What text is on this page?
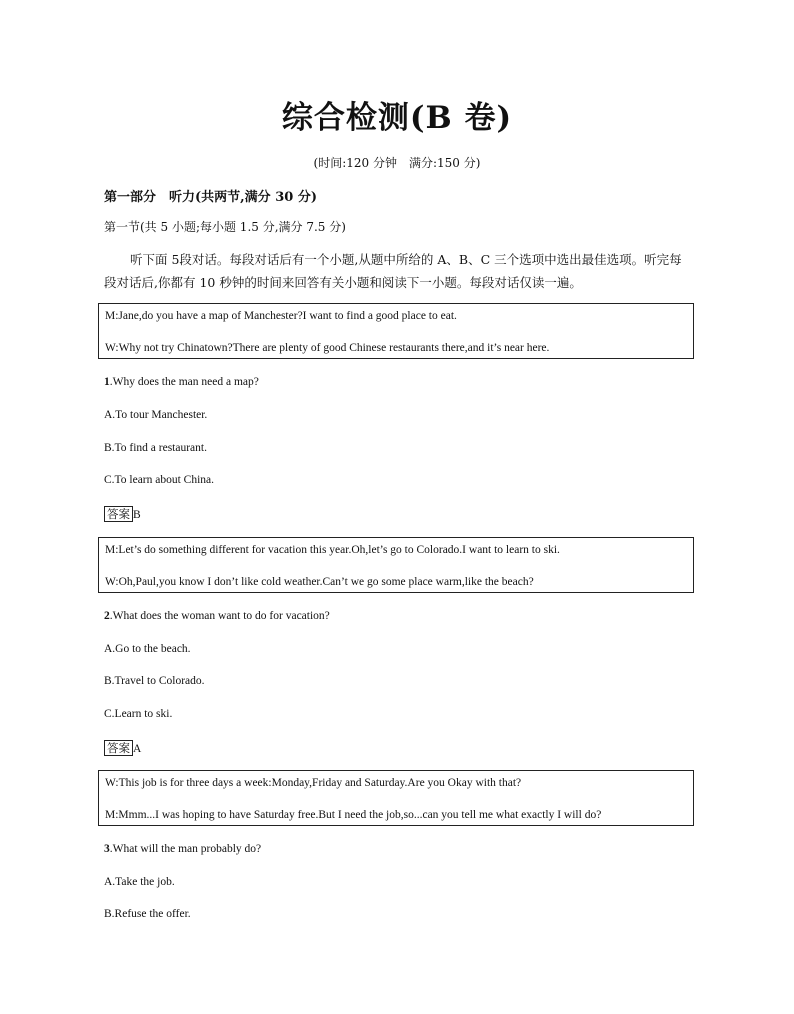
综合检测(B 卷)
(时间:120 分钟　满分:150 分)
第一部分　听力(共两节,满分 30 分)
第一节(共 5 小题;每小题 1.5 分,满分 7.5 分)
听下面 5段对话。每段对话后有一个小题,从题中所给的 A、B、C 三个选项中选出最佳选项。听完每段对话后,你都有 10 秒钟的时间来回答有关小题和阅读下一小题。每段对话仅读一遍。
M:Jane,do you have a map of Manchester?I want to find a good place to eat.
W:Why not try Chinatown?There are plenty of good Chinese restaurants there,and it’s near here.
1.Why does the man need a map?
A.To tour Manchester.
B.To find a restaurant.
C.To learn about China.
答案 B
M:Let’s do something different for vacation this year.Oh,let’s go to Colorado.I want to learn to ski.
W:Oh,Paul,you know I don’t like cold weather.Can’t we go some place warm,like the beach?
2.What does the woman want to do for vacation?
A.Go to the beach.
B.Travel to Colorado.
C.Learn to ski.
答案 A
W:This job is for three days a week:Monday,Friday and Saturday.Are you Okay with that?
M:Mmm...I was hoping to have Saturday free.But I need the job,so...can you tell me what exactly I will do?
3.What will the man probably do?
A.Take the job.
B.Refuse the offer.
